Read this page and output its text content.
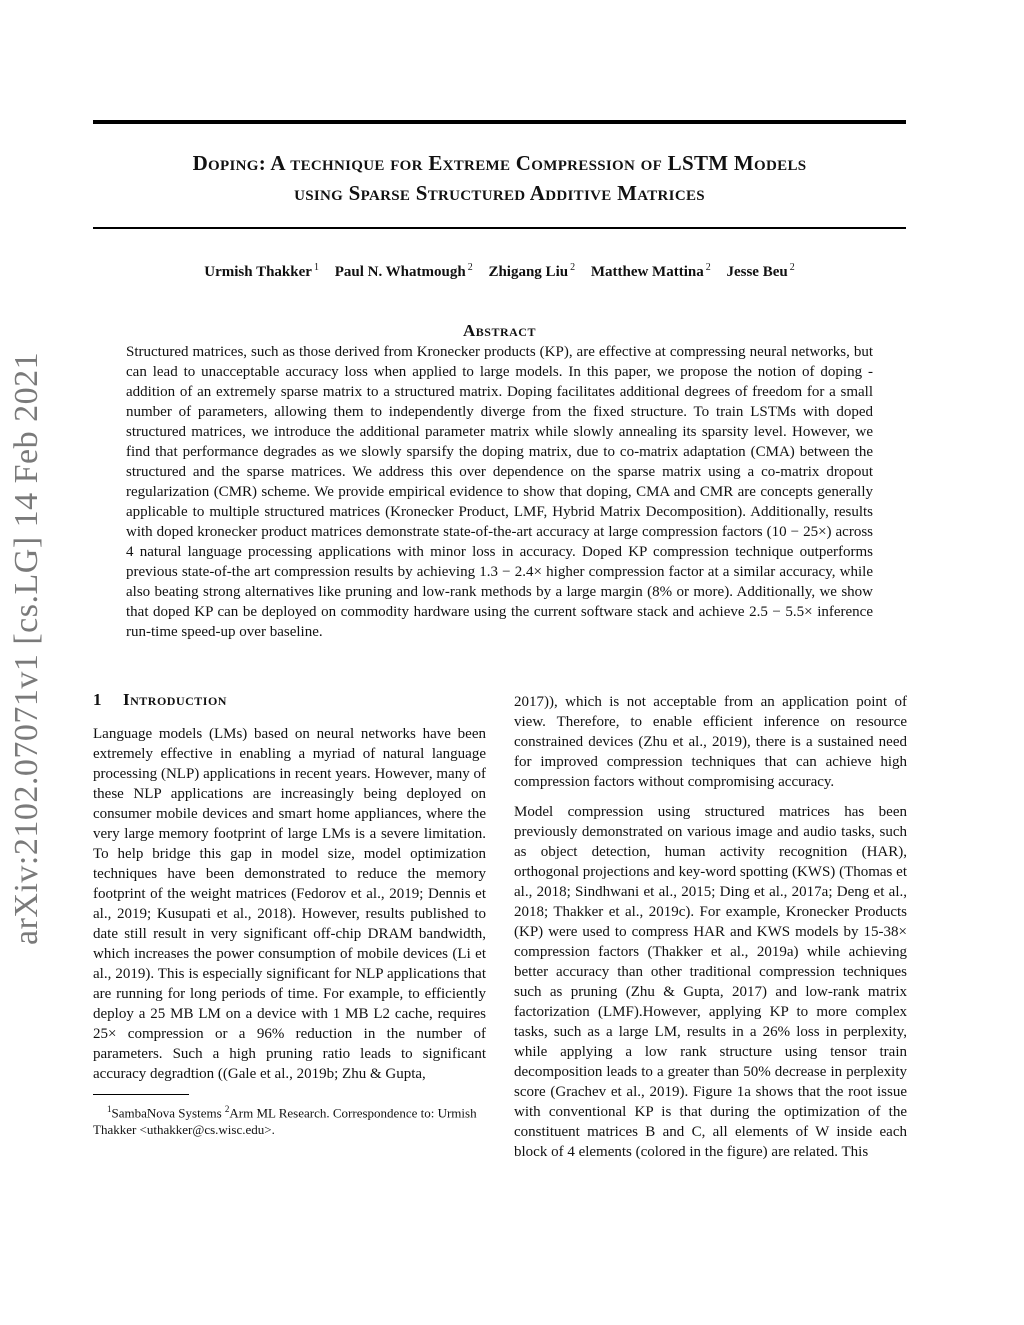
Doping: A technique for Extreme Compression of LSTM Models
using Sparse Structured Additive Matrices
Urmish Thakker $^1$ Paul N. Whatmough $^2$ Zhigang Liu $^2$ Matthew Mattina $^2$ Jesse Beu $^2$
Abstract

Structured matrices, such as those derived from Kronecker products (KP), are effective at compressing neural networks, but can lead to unacceptable accuracy loss when applied to large models. In this paper, we propose the notion of doping - addition of an extremely sparse matrix to a structured matrix. Doping facilitates additional degrees of freedom for a small number of parameters, allowing them to independently diverge from the fixed structure. To train LSTMs with doped structured matrices, we introduce the additional parameter matrix while slowly annealing its sparsity level. However, we find that performance degrades as we slowly sparsify the doping matrix, due to co-matrix adaptation (CMA) between the structured and the sparse matrices. We address this over dependence on the sparse matrix using a co-matrix dropout regularization (CMR) scheme. We provide empirical evidence to show that doping, CMA and CMR are concepts generally applicable to multiple structured matrices (Kronecker Product, LMF, Hybrid Matrix Decomposition). Additionally, results with doped kronecker product matrices demonstrate state-of-the-art accuracy at large compression factors (10 − 25×) across 4 natural language processing applications with minor loss in accuracy. Doped KP compression technique outperforms previous state-of-the art compression results by achieving 1.3 − 2.4× higher compression factor at a similar accuracy, while also beating strong alternatives like pruning and low-rank methods by a large margin (8% or more). Additionally, we show that doped KP can be deployed on commodity hardware using the current software stack and achieve 2.5 − 5.5× inference run-time speed-up over baseline.

arXiv:2102.07071v1 [cs.LG] 14 Feb 2021	1 Introduction

Language models (LMs) based on neural networks have been extremely effective in enabling a myriad of natural language processing (NLP) applications in recent years. However, many of these NLP applications are increasingly being deployed on consumer mobile devices and smart home appliances, where the very large memory footprint of large LMs is a severe limitation. To help bridge this gap in model size, model optimization techniques have been demonstrated to reduce the memory footprint of the weight matrices (Fedorov et al., 2019; Dennis et al., 2019; Kusupati et al., 2018). However, results published to date still result in very significant off-chip DRAM bandwidth, which increases the power consumption of mobile devices (Li et al., 2019). This is especially significant for NLP applications that are running for long periods of time. For example, to efficiently deploy a 25 MB LM on a device with 1 MB L2 cache, requires 25× compression or a 96% reduction in the number of parameters. Such a high pruning ratio leads to significant accuracy degradtion ((Gale et al., 2019b; Zhu & Gupta,

$^1$SambaNova Systems $^2$Arm ML Research. Correspondence to: Urmish Thakker <uthakker@cs.wisc.edu>.

2017)), which is not acceptable from an application point of view. Therefore, to enable efficient inference on resource constrained devices (Zhu et al., 2019), there is a sustained need for improved compression techniques that can achieve high compression factors without compromising accuracy.

Model compression using structured matrices has been previously demonstrated on various image and audio tasks, such as object detection, human activity recognition (HAR), orthogonal projections and key-word spotting (KWS) (Thomas et al., 2018; Sindhwani et al., 2015; Ding et al., 2017a; Deng et al., 2018; Thakker et al., 2019c). For example, Kronecker Products (KP) were used to compress HAR and KWS models by 15-38× compression factors (Thakker et al., 2019a) while achieving better accuracy than other traditional compression techniques such as pruning (Zhu & Gupta, 2017) and low-rank matrix factorization (LMF).However, applying KP to more complex tasks, such as a large LM, results in a 26% loss in perplexity, while applying a low rank structure using tensor train decomposition leads to a greater than 50% decrease in perplexity score (Grachev et al., 2019). Figure 1a shows that the root issue with conventional KP is that during the optimization of the constituent matrices B and C, all elements of W inside each block of 4 elements (colored in the figure) are related. This
